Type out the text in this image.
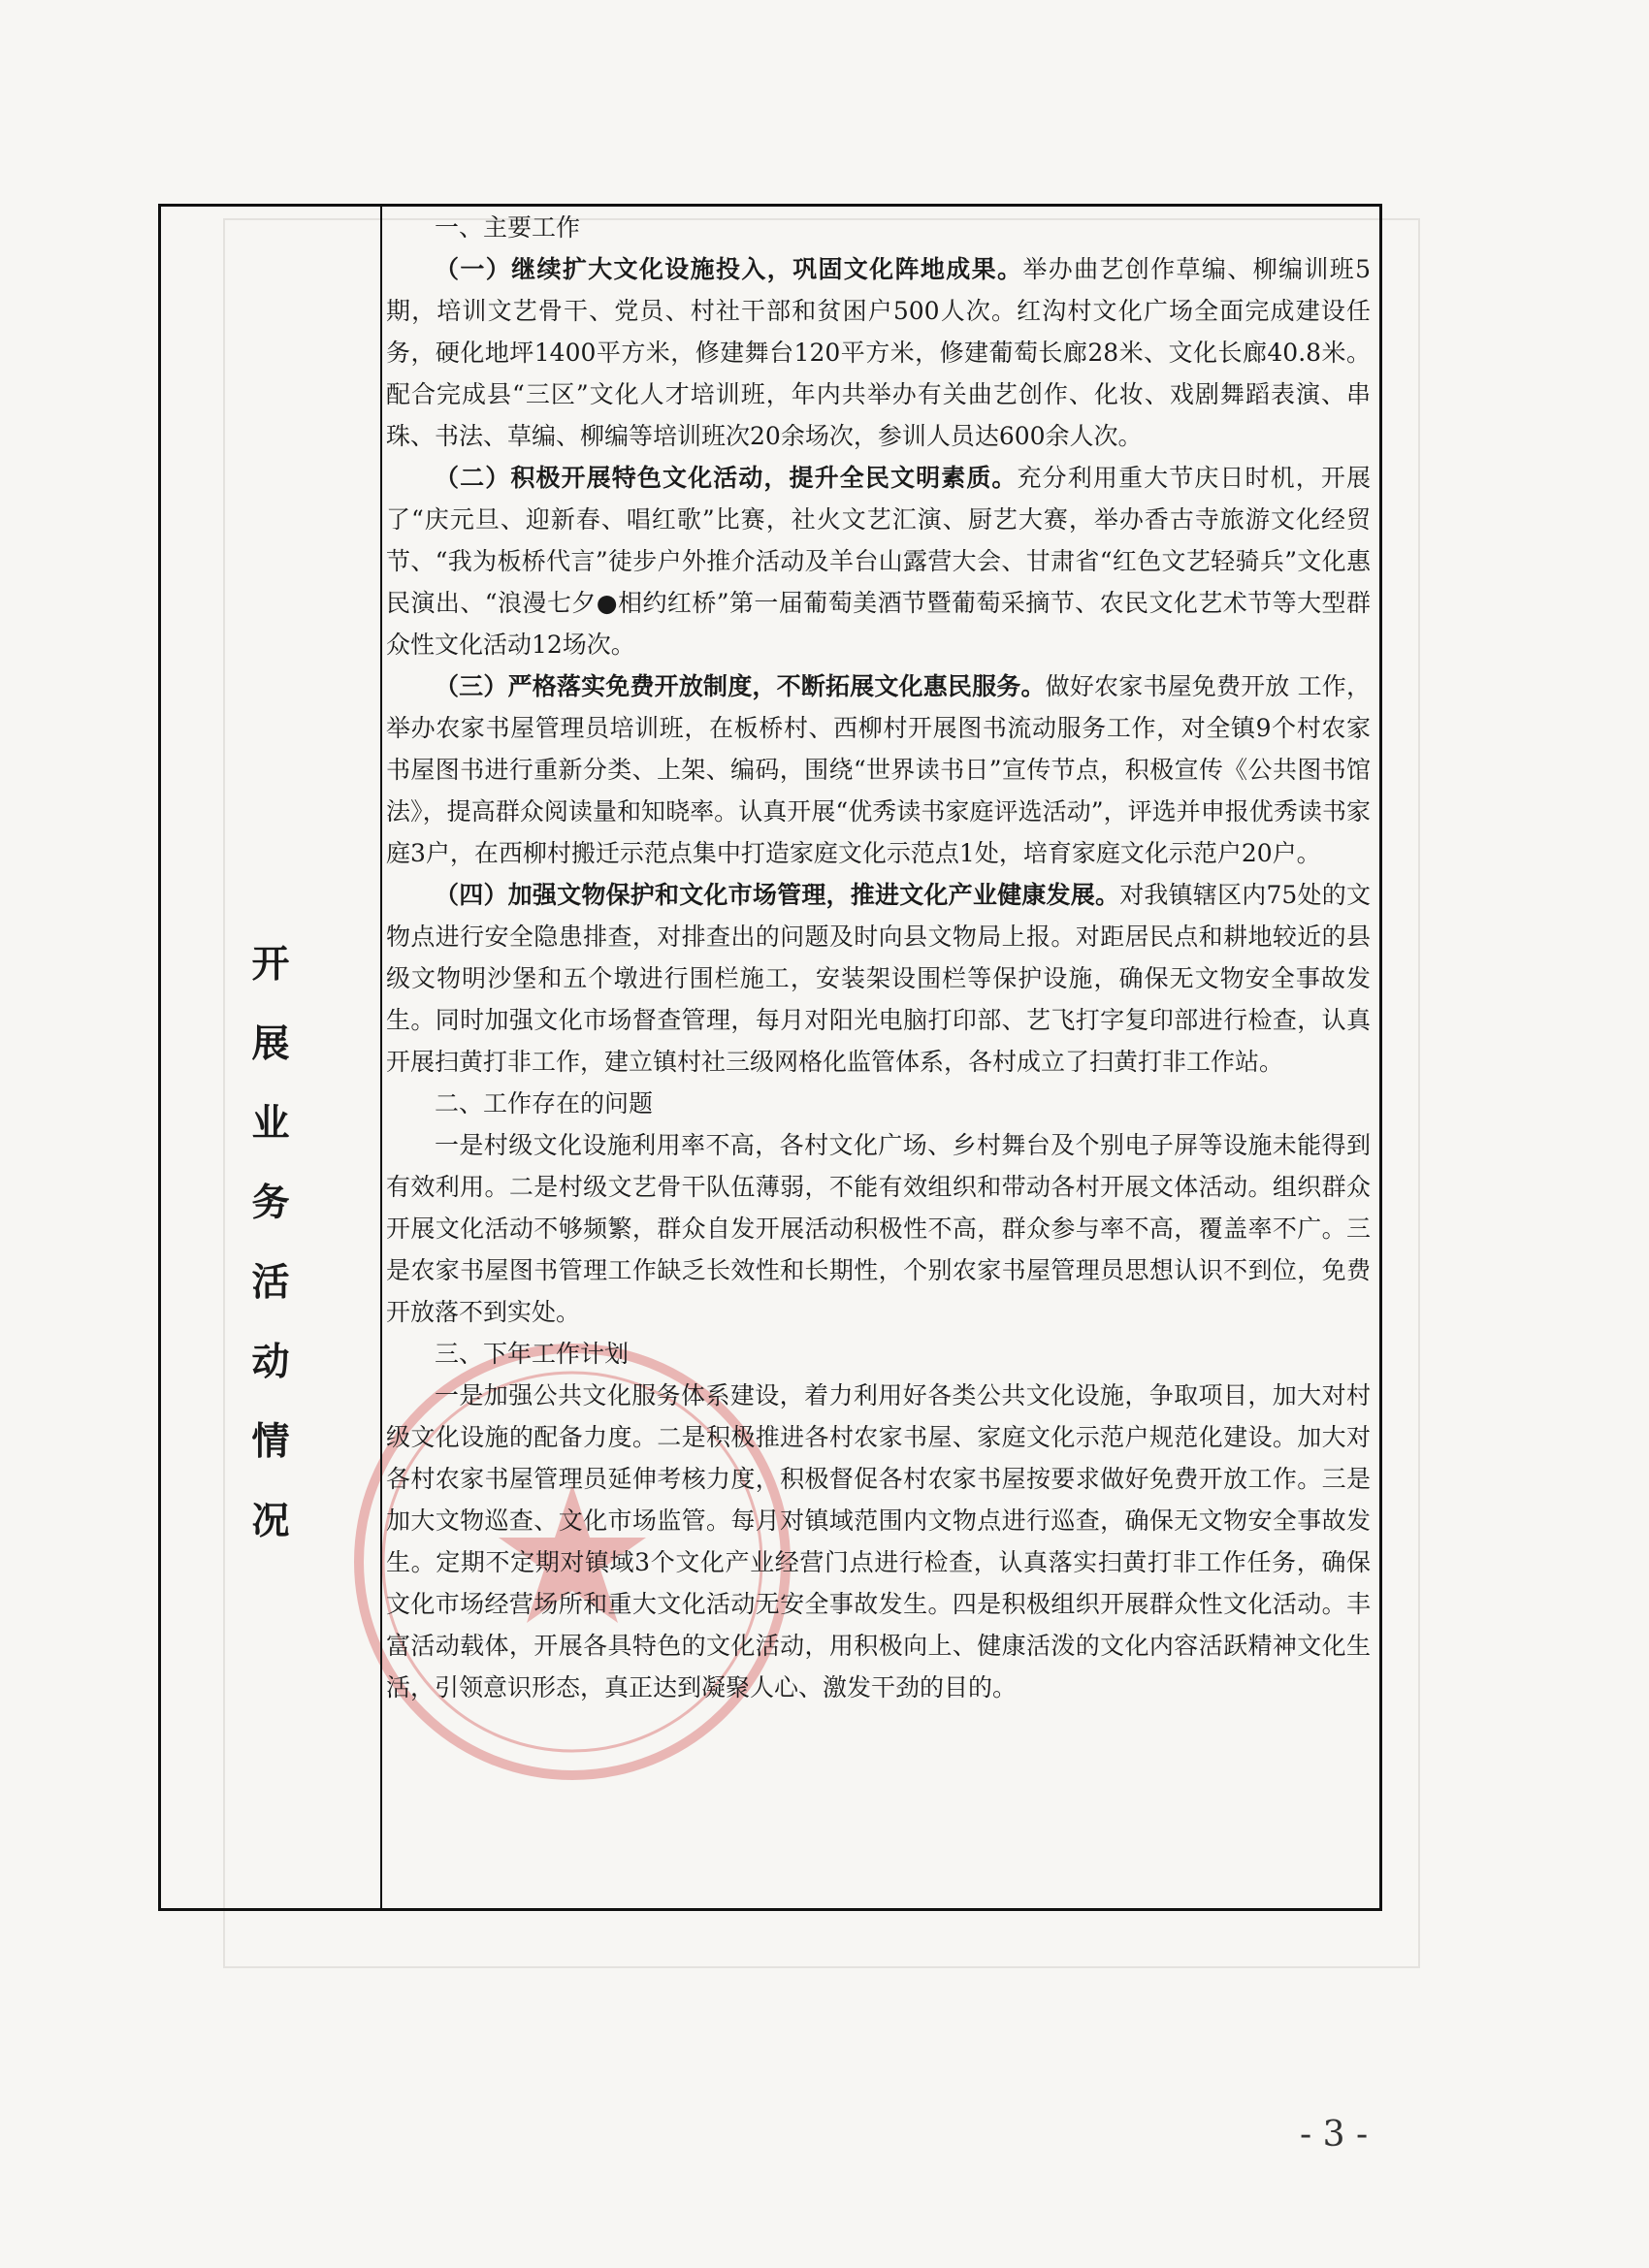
开
展
业
务
活
动
情
况

一、主要工作

（一）继续扩大文化设施投入，巩固文化阵地成果。举办曲艺创作草编、柳编训班5期，培训文艺骨干、党员、村社干部和贫困户500人次。红沟村文化广场全面完成建设任务，硬化地坪1400平方米，修建舞台120平方米，修建葡萄长廊28米、文化长廊40.8米。配合完成县“三区”文化人才培训班，年内共举办有关曲艺创作、化妆、戏剧舞蹈表演、串珠、书法、草编、柳编等培训班次20余场次，参训人员达600余人次。

（二）积极开展特色文化活动，提升全民文明素质。充分利用重大节庆日时机，开展了“庆元旦、迎新春、唱红歌”比赛，社火文艺汇演、厨艺大赛，举办香古寺旅游文化经贸节、“我为板桥代言”徒步户外推介活动及羊台山露营大会、甘肃省“红色文艺轻骑兵”文化惠民演出、“浪漫七夕●相约红桥”第一届葡萄美酒节暨葡萄采摘节、农民文化艺术节等大型群众性文化活动12场次。

（三）严格落实免费开放制度，不断拓展文化惠民服务。做好农家书屋免费开放 工作，举办农家书屋管理员培训班，在板桥村、西柳村开展图书流动服务工作，对全镇9个村农家书屋图书进行重新分类、上架、编码，围绕“世界读书日”宣传节点，积极宣传《公共图书馆法》，提高群众阅读量和知晓率。认真开展“优秀读书家庭评选活动”，评选并申报优秀读书家庭3户，在西柳村搬迁示范点集中打造家庭文化示范点1处，培育家庭文化示范户20户。

（四）加强文物保护和文化市场管理，推进文化产业健康发展。对我镇辖区内75处的文物点进行安全隐患排查，对排查出的问题及时向县文物局上报。对距居民点和耕地较近的县级文物明沙堡和五个墩进行围栏施工，安装架设围栏等保护设施，确保无文物安全事故发生。同时加强文化市场督查管理，每月对阳光电脑打印部、艺飞打字复印部进行检查，认真开展扫黄打非工作，建立镇村社三级网格化监管体系，各村成立了扫黄打非工作站。

二、工作存在的问题

一是村级文化设施利用率不高，各村文化广场、乡村舞台及个别电子屏等设施未能得到有效利用。二是村级文艺骨干队伍薄弱，不能有效组织和带动各村开展文体活动。组织群众开展文化活动不够频繁，群众自发开展活动积极性不高，群众参与率不高，覆盖率不广。三是农家书屋图书管理工作缺乏长效性和长期性，个别农家书屋管理员思想认识不到位，免费开放落不到实处。

三、下年工作计划

一是加强公共文化服务体系建设，着力利用好各类公共文化设施，争取项目，加大对村级文化设施的配备力度。二是积极推进各村农家书屋、家庭文化示范户规范化建设。加大对各村农家书屋管理员延伸考核力度，积极督促各村农家书屋按要求做好免费开放工作。三是加大文物巡查、文化市场监管。每月对镇域范围内文物点进行巡查，确保无文物安全事故发生。定期不定期对镇域3个文化产业经营门点进行检查，认真落实扫黄打非工作任务，确保文化市场经营场所和重大文化活动无安全事故发生。四是积极组织开展群众性文化活动。丰富活动载体，开展各具特色的文化活动，用积极向上、健康活泼的文化内容活跃精神文化生活，引领意识形态，真正达到凝聚人心、激发干劲的目的。

- 3 -
